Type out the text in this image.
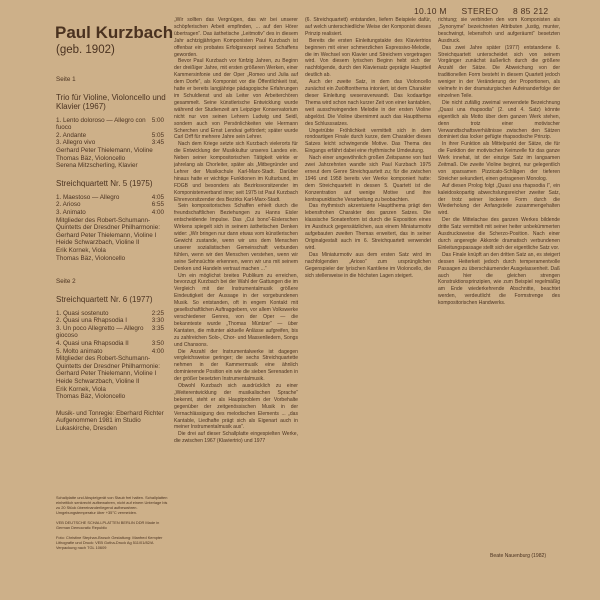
10.10 M STEREO 8 85 212
Paul Kurzbach
(geb. 1902)
Seite 1
Trio für Violine, Violoncello und Klavier (1967)
1. Lento doloroso — Allegro con fuoco
5:00
2. Andante	5:05
3. Allegro vivo	3:45
Gerhard Peter Thielemann, Violine
Thomas Bäz, Violoncello
Serena Mitzscherling, Klavier
Streichquartett Nr. 5 (1975)
1. Maestoso — Allegro	4:05
2. Arioso	6:55
3. Animato	4:00
Mitglieder des Robert-Schumann-Quintetts der Dresdner Philharmonie:
Gerhard Peter Thielemann, Violine I
Heide Schwarzbach, Violine II
Erik Kornek, Viola
Thomas Bäz, Violoncello
Seite 2
Streichquartett Nr. 6 (1977)
1. Quasi sostenuto	2:25
2. Quasi una Rhapsodia I	3:30
3. Un poco Allegretto — Allegro giocoso
3:35
4. Quasi una Rhapsodia II	3:50
5. Molto animato	4:00
Mitglieder des Robert-Schumann-Quintetts der Dresdner Philharmonie:
Gerhard Peter Thielemann, Violine I
Heide Schwarzbach, Violine II
Erik Kornek, Viola
Thomas Bäz, Violoncello
Musik- und Tonregie: Eberhard Richter
Aufgenommen 1981 im Studio
Lukaskirche, Dresden
Schallplatte und Abspielgerät von Staub frei halten. Schallplatten einheitlich senkrecht aufbewahren, nicht auf einem Unterlage bis zu 20 Stück übereinanderliegend aufbewahren. Umgebungstemperatur über +35°C vermeiden.
VEB DEUTSCHE SCHALLPLATTEN BERLIN DDR Made in German Democratic Republic
Foto: Christine Stephan-Brosch Gestaltung: Manfred Kempter Lithografie und Druck: VEB Gotha-Druck Ag 511/01/82/A Verpackung nach TGL 10609

„Wir sollten das Vergnügen, das wir bei unserer schöpferischen Arbeit empfinden, ... auf den Hörer übertragen“. Das ästhetische „Leitmotiv“ des in diesem Jahr achtzigjährigen Komponisten Paul Kurzbach ist offenbar ein probates Erfolgsrezept seines Schaffens geworden.

Bevor Paul Kurzbach vor fünfzig Jahren, zu Beginn der dreißiger Jahre, mit ersten größeren Werken, einer Kammersinfonie und der Oper „Romeo und Julia auf dem Dorfe“, als Komponist vor die Öffentlichkeit trat, hatte er bereits langjährige pädagogische Erfahrungen im Schuldienst und als Leiter von Arbeiterchören gesammelt. Seine künstlerische Entwicklung wurde während der Studienzeit am Leipziger Konservatorium nicht nur von seinen Lehrern Ludwig und Seidl, sondern auch von Persönlichkeiten wie Hermann Scherchen und Ernst Lendvai gefördert; später wurde Carl Orff für mehrere Jahre sein Lehrer.

Nach dem Kriege setzte sich Kurzbach vielerorts für die Entwicklung der Musikkultur unseres Landes ein. Neben seiner kompositorischen Tätigkeit wirkte er jahrelang als Chorleiter, später als „Mitbegründer und Lehrer der Musikschule Karl-Marx-Stadt. Darüber hinaus hatte er wichtige Funktionen im Kulturbund, im FDGB und besonders als Bezirksvorsitzender im Komponistenverband inne; seit 1975 ist Paul Kurzbach Ehrenvorsitzender des Bezirks Karl-Marx-Stadt.

Sein kompositorisches Schaffen erhielt durch die freundschaftlichen Beziehungen zu Hanns Eisler entscheidende Impulse. Das „Cui bono“-Eislerschen Wirkens spiegelt sich in seinem ästhetischen Denken wider: „Wir bringen nur dann etwas vom künstlerischen Gewicht zustande, wenn wir uns dem Menschen unserer sozialistischen Gemeinschaft verbunden fühlen, wenn wir den Menschen verstehen, wenn wir seine Sehnsüchte erkennen, wenn wir uns mit seinem Denken und Handeln vertraut machen ...“

Um ein möglichst breites Publikum zu erreichen, bevorzugt Kurzbach bei der Wahl der Gattungen die im Vergleich mit der Instrumentalmusik größere Eindeutigkeit der Aussage in der vorgebundenen Musik. So entstanden, oft in engem Kontakt mit gesellschaftlichen Auftraggebern, vor allem Volkswerke verschiedener Genres, von der Oper — die bekannteste wurde „Thomas Müntzer“ — über Kantaten, die mitunter aktuelle Anlässe aufgreifen, bis zu zahlreichen Solo-, Chor- und Massenliedern, Songs und Chansons.

Die Anzahl der Instrumentalwerke ist dagegen vergleichsweise geringer; die sechs Streichquartette nehmen in der Kammermusik eine ähnlich dominierende Position ein wie die sieben Serenaden in der größer besetzten Instrumentalmusik.

Obwohl Kurzbach sich ausdrücklich zu einer „Weiterentwicklung der musikalischen Sprache“ bekennt, steht er als Hauptproblem der Vorbehalte gegenüber der zeitgenössischen Musik in der Vernachlässigung des melodischen Elements ... „das Kantable, Liedhafte prägt sich als Eigenart auch in meiner Instrumentalmusik aus“.

Die drei auf dieser Schallplatte eingespielten Werke, die zwischen 1967 (Klaviertrio) und 1977

(6. Streichquartett) entstanden, liefern Beispiele dafür, auf welch unterschiedliche Weise der Komponist dieses Prinzip realisiert.

Bereits die ersten Einleitungstakte des Klaviertrios beginnen mit einer schmerzlichen Espressivo-Melodie, die im Wechsel von Klavier und Streichern vorgetragen wird. Von diesem lyrischen Beginn hebt sich der nachfolgende, durch den Klaviersatz geprägte Hauptteil deutlich ab.

Auch der zweite Satz, in dem das Violoncello zunächst ein Zwölftonthema intoniert, ist dem Charakter dieser Einleitung wesensverwandt. Das kodaartige Thema wird schon nach kurzer Zeit von einer kantablen, weit ausschwingenden Melodie in der ersten Violine abgelöst. Die Violine übernimmt auch das Hauptthema des Schlusssatzes.

Ungetrübte Fröhlichkeit vermittelt sich in dem rondoartigen Finale durch kurze, dem Charakter dieses Satzes leicht schwingende Motive. Das Thema des Eingangs erfährt dabei eine rhythmische Umdeutung.

Nach einer ungewöhnlich großen Zeitspanne von fast zwei Jahrzehnten wandte sich Paul Kurzbach 1975 erneut dem Genre Streichquartett zu; für die zwischen 1946 und 1958 bereits vier Werke komponiert hatte: dem Streichquartett in dessen 5. Quartett ist die Konzentration auf wenige Motive und ihre kontrapunktische Verarbeitung zu beobachten.

Das rhythmisch akzentuierte Hauptthema prägt den lebensfrohen Charakter des ganzen Satzes. Die klassische Sonatenform ist durch die Exposition eines im Ausdruck gegensätzlichen, aus einem Miniaturmotiv aufgebauten zweiten Themas erweitert, das in seiner Originalgestalt auch im 6. Streichquartett verwendet wird.

Das Miniaturmotiv aus dem ersten Satz wird im nachfolgenden „Arioso“ zum ursprünglichen Gegenspieler der lyrischen Kantilene im Violoncello, die sich stellenweise in die höchsten Lagen steigert.

richtung; sie verbinden den vom Komponisten als „Synonyme“ bezeichneten Attributen „lustig, munter, beschwingt, lebensfroh und aufgeräumt“ besetzten Ausdruck.

Das zwei Jahre später (1977) entstandene 6. Streichquartett unterscheidet sich von seinem Vorgänger zunächst äußerlich durch die größere Anzahl der Sätze. Die Abweichung von der traditionellen Form besteht in diesem Quartett jedoch weniger in der Veränderung der Proportionen, als vielmehr in der dramaturgischen Aufeinanderfolge der einzelnen Teile.

Die nicht zufällig zweimal verwendete Bezeichnung „Quasi una rhapsodia“ (2. und 4. Satz) könnte eigentlich als Motto über dem ganzen Werk stehen, denn trotz einer motivischer Verwandtschaftsverhältnisse zwischen den Sätzen dominiert das locker gefügte rhapsodische Prinzip.

In ihrer Funktion als Mittelpunkt der Sätze, die für die Funktion der motivischen Keimzelle für das ganze Werk innehat, ist der einzige Satz im langsamen Zeitmaß. Die zweite Violine beginnt, nur gelegentlich von sparsamen Pizzicato-Schlägen der tieferen Streicher sekundiert, einen getragenen Monolog.

Auf diesen Prolog folgt „Quasi una rhapsodia I“, ein kaleidoskopartig abwechslungsreicher zweiter Satz, der trotz seiner lockeren Form durch die Wiederholung der Anfangsteile zusammengehalten wird.

Der die Mittelachse des ganzen Werkes bildende dritte Satz vermittelt mit seiner heiter unbekümmerten Ausdrucksweise die Scherzo-Position. Nach einer durch angeregte Akkorde dramatisch verbundenen Einleitungspassage stellt sich der eigentliche Satz vor.

Das Finale knüpft an den dritten Satz an, es steigert dessen Heiterkeit jedoch durch temperamentvolle Passagen zu überschäumender Ausgelassenheit. Daß auch hier die gleichen strengen Konstruktionsprinzipien, wie zum Beispiel regelmäßig am Ende wiederkehrende Abschnitte, beachtet werden, verdeutlicht die Formstrenge des kompositorischen Handwerks.

Beate Nauenburg (1982)
